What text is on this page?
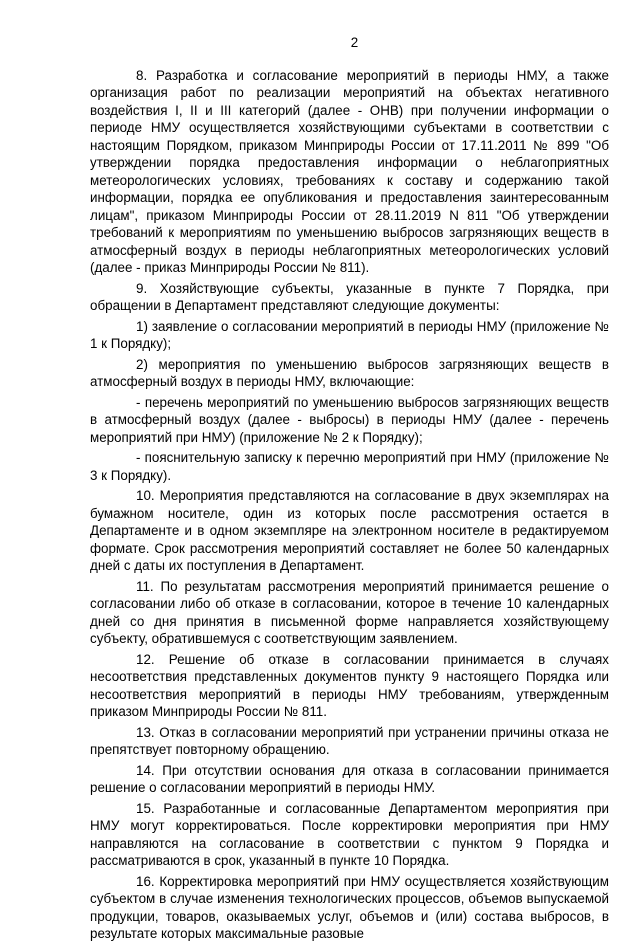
2

8. Разработка и согласование мероприятий в периоды НМУ, а также организация работ по реализации мероприятий на объектах негативного воздействия I, II и III категорий (далее - ОНВ) при получении информации о периоде НМУ осуществляется хозяйствующими субъектами в соответствии с настоящим Порядком, приказом Минприроды России от 17.11.2011 № 899 "Об утверждении порядка предоставления информации о неблагоприятных метеорологических условиях, требованиях к составу и содержанию такой информации, порядка ее опубликования и предоставления заинтересованным лицам", приказом Минприроды России от 28.11.2019 N 811 "Об утверждении требований к мероприятиям по уменьшению выбросов загрязняющих веществ в атмосферный воздух в периоды неблагоприятных метеорологических условий (далее - приказ Минприроды России № 811).

9. Хозяйствующие субъекты, указанные в пункте 7 Порядка, при обращении в Департамент представляют следующие документы:

1) заявление о согласовании мероприятий в периоды НМУ (приложение № 1 к Порядку);

2) мероприятия по уменьшению выбросов загрязняющих веществ в атмосферный воздух в периоды НМУ, включающие:

- перечень мероприятий по уменьшению выбросов загрязняющих веществ в атмосферный воздух (далее - выбросы) в периоды НМУ (далее - перечень мероприятий при НМУ) (приложение № 2 к Порядку);

- пояснительную записку к перечню мероприятий при НМУ (приложение № 3 к Порядку).

10. Мероприятия представляются на согласование в двух экземплярах на бумажном носителе, один из которых после рассмотрения остается в Департаменте и в одном экземпляре на электронном носителе в редактируемом формате. Срок рассмотрения мероприятий составляет не более 50 календарных дней с даты их поступления в Департамент.

11. По результатам рассмотрения мероприятий принимается решение о согласовании либо об отказе в согласовании, которое в течение 10 календарных дней со дня принятия в письменной форме направляется хозяйствующему субъекту, обратившемуся с соответствующим заявлением.

12. Решение об отказе в согласовании принимается в случаях несоответствия представленных документов пункту 9 настоящего Порядка или несоответствия мероприятий в периоды НМУ требованиям, утвержденным приказом Минприроды России № 811.

13. Отказ в согласовании мероприятий при устранении причины отказа не препятствует повторному обращению.

14. При отсутствии основания для отказа в согласовании принимается решение о согласовании мероприятий в периоды НМУ.

15. Разработанные и согласованные Департаментом мероприятия при НМУ могут корректироваться. После корректировки мероприятия при НМУ направляются на согласование в соответствии с пунктом 9 Порядка и рассматриваются в срок, указанный в пункте 10 Порядка.

16. Корректировка мероприятий при НМУ осуществляется хозяйствующим субъектом в случае изменения технологических процессов, объемов выпускаемой продукции, товаров, оказываемых услуг, объемов и (или) состава выбросов, в результате которых максимальные разовые
